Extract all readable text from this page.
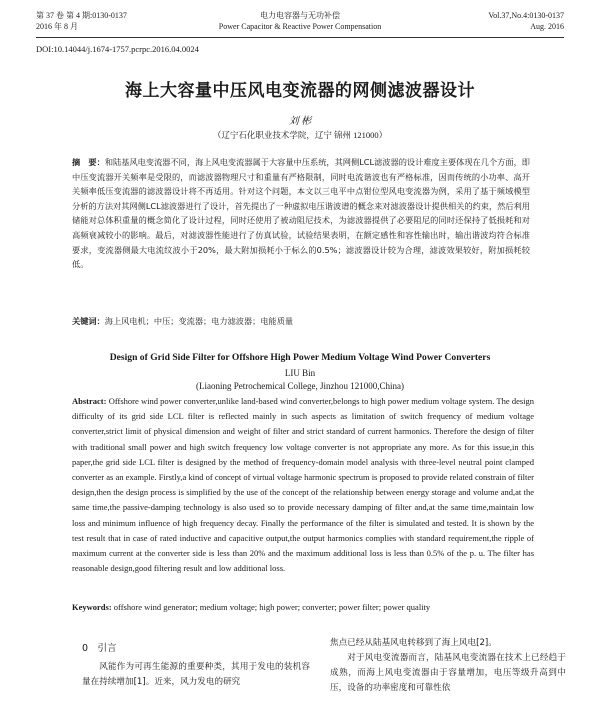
第 37 卷 第 4 期:0130-0137
2016 年 8 月
电力电容器与无功补偿
Power Capacitor & Reactive Power Compensation
Vol.37,No.4:0130-0137
Aug. 2016
DOI:10.14044/j.1674-1757.pcrpc.2016.04.0024
海上大容量中压风电变流器的网侧滤波器设计
刘 彬
（辽宁石化职业技术学院，辽宁 锦州 121000）
摘　要：和陆基风电变流器不同，海上风电变流器属于大容量中压系统，其网侧LCL滤波器的设计难度主要体现在几个方面，即中压变流器开关频率是受限的，而滤波器物理尺寸和重量有严格限制，同时电流谐波也有严格标准，因而传统的小功率、高开关频率低压变流器的滤波器设计将不再适用。针对这个问题，本文以三电平中点钳位型风电变流器为例，采用了基于频域模型分析的方法对其网侧LCL滤波器进行了设计，首先提出了一种虚拟电压谐波谱的概念来对滤波器设计提供相关的约束，然后利用储能对总体积重量的概念简化了设计过程，同时还使用了被动阻尼技术，为滤波器提供了必要阻尼的同时还保持了低损耗和对高频衰减较小的影响。最后，对滤波器性能进行了仿真试验，试验结果表明，在额定感性和容性输出时，输出谐波均符合标准要求，变流器侧最大电流纹波小于20%，最大附加损耗小于标么的0.5%；滤波器设计较为合理，滤波效果较好，附加损耗较低。
关键词：海上风电机；中压；变流器；电力滤波器；电能质量
Design of Grid Side Filter for Offshore High Power Medium Voltage Wind Power Converters
LIU Bin
(Liaoning Petrochemical College, Jinzhou 121000,China)
Abstract: Offshore wind power converter,unlike land-based wind converter,belongs to high power medium voltage system. The design difficulty of its grid side LCL filter is reflected mainly in such aspects as limitation of switch frequency of medium voltage converter,strict limit of physical dimension and weight of filter and strict standard of current harmonics. Therefore the design of filter with traditional small power and high switch frequency low voltage converter is not appropriate any more. As for this issue,in this paper,the grid side LCL filter is designed by the method of frequency-domain model analysis with three-level neutral point clamped converter as an example. Firstly,a kind of concept of virtual voltage harmonic spectrum is proposed to provide related constrain of filter design,then the design process is simplified by the use of the concept of the relationship between energy storage and volume and,at the same time,the passive-damping technology is also used so to provide necessary damping of filter and,at the same time,maintain low loss and minimum influence of high frequency decay. Finally the performance of the filter is simulated and tested. It is shown by the test result that in case of rated inductive and capacitive output,the output harmonics complies with standard requirement,the ripple of maximum current at the converter side is less than 20% and the maximum additional loss is less than 0.5% of the p. u. The filter has reasonable design,good filtering result and low additional loss.
Keywords: offshore wind generator; medium voltage; high power; converter; power filter; power quality
0　引言
风能作为可再生能源的重要种类，其用于发电的装机容量在持续增加[1]。近来，风力发电的研究
焦点已经从陆基风电转移到了海上风电[2]。
对于风电变流器而言，陆基风电变流器在技术上已经趋于成熟，而海上风电变流器由于容量增加，电压等级升高到中压，设备的功率密度和可靠性依
